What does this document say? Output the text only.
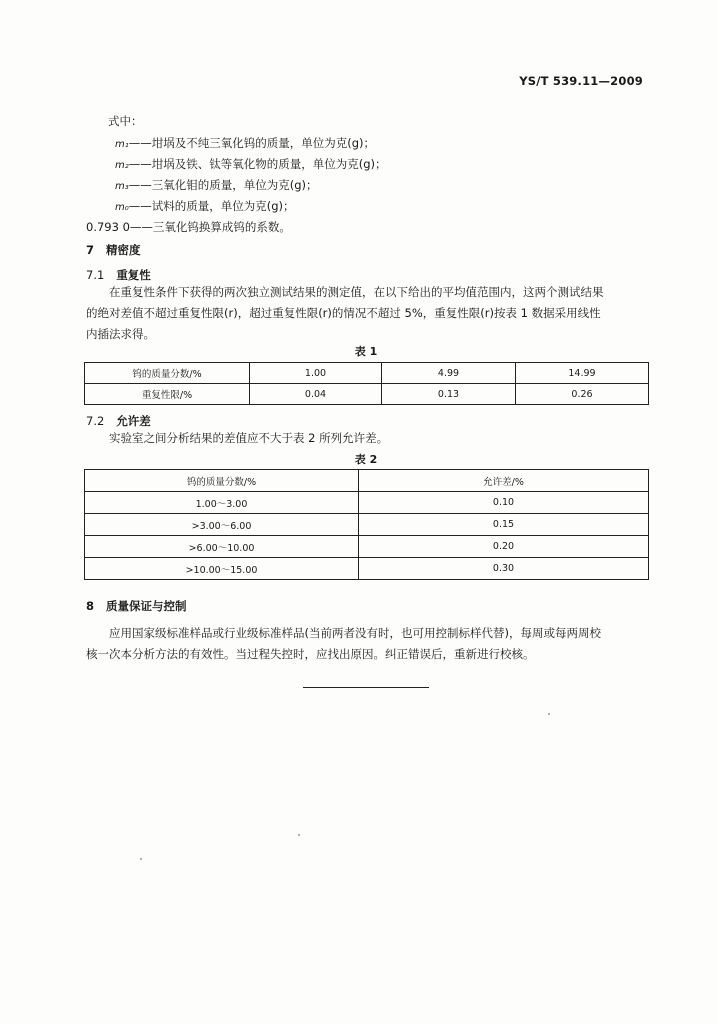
YS/T 539.11—2009
式中：
m₁——坩埚及不纯三氧化钨的质量，单位为克(g)；
m₂——坩埚及铁、钛等氧化物的质量，单位为克(g)；
m₃——三氧化钼的质量，单位为克(g)；
m₀——试料的质量，单位为克(g)；
0.793 0——三氧化钨换算成钨的系数。
7 精密度
7.1 重复性
在重复性条件下获得的两次独立测试结果的测定值，在以下给出的平均值范围内，这两个测试结果
的绝对差值不超过重复性限(r)，超过重复性限(r)的情况不超过 5%，重复性限(r)按表 1 数据采用线性
内插法求得。
表 1
钨的质量分数/%	1.00	4.99	14.99
重复性限/%	0.04	0.13	0.26
7.2 允许差
实验室之间分析结果的差值应不大于表 2 所列允许差。
表 2
钨的质量分数/%	允许差/%
1.00～3.00	0.10
>3.00～6.00	0.15
>6.00～10.00	0.20
>10.00～15.00	0.30
8 质量保证与控制
应用国家级标准样品或行业级标准样品(当前两者没有时，也可用控制标样代替)，每周或每两周校
核一次本分析方法的有效性。当过程失控时，应找出原因。纠正错误后，重新进行校核。
